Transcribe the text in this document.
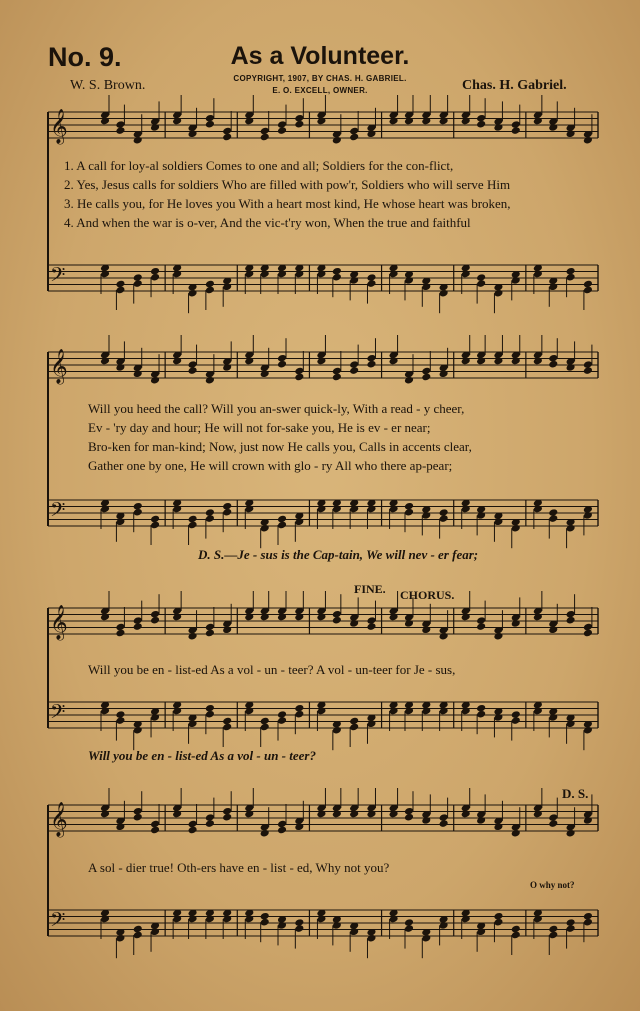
No. 9.	As a Volunteer.
W. S. Brown.	COPYRIGHT, 1907, BY CHAS. H. GABRIEL.
E. O. EXCELL, OWNER.	Chas. H. Gabriel.
𝄞
𝄢
𝄞
𝄢
𝄞
𝄢
𝄞
𝄢
1. A call for loy-al soldiers Comes to one and all; Soldiers for the con-flict,
2. Yes, Jesus calls for soldiers Who are filled with pow'r, Soldiers who will serve Him
3. He calls you, for He loves you With a heart most kind, He whose heart was broken,
4. And when the war is o-ver, And the vic-t'ry won, When the true and faithful
Will you heed the call? Will you an-swer quick-ly, With a read - y cheer,
Ev - 'ry day and hour; He will not for-sake you, He is ev - er near;
Bro-ken for man-kind; Now, just now He calls you, Calls in accents clear,
Gather one by one, He will crown with glo - ry All who there ap-pear;
D. S.—Je - sus is the Cap-tain, We will nev - er fear;
FINE. CHORUS.
Will you be en - list-ed As a vol - un - teer? A vol - un-teer for Je - sus,
Will you be en - list-ed As a vol - un - teer?
D. S.
A sol - dier true! Oth-ers have en - list - ed, Why not you?
O why not?
